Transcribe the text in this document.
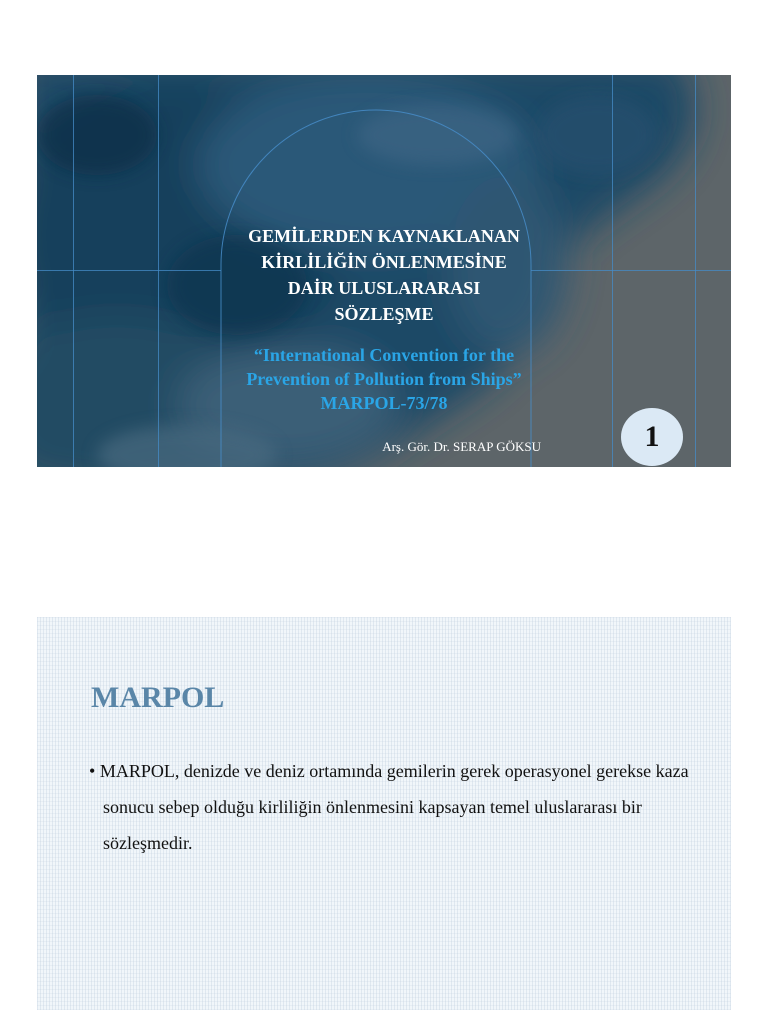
GEMİLERDEN KAYNAKLANAN
KİRLİLİĞİN ÖNLENMESİNE
DAİR ULUSLARARASI
SÖZLEŞME
“International Convention for the
Prevention of Pollution from Ships”
MARPOL-73/78
Arş. Gör. Dr. SERAP GÖKSU	1
MARPOL
• MARPOL, denizde ve deniz ortamında gemilerin gerek operasyonel gerekse kaza sonucu sebep olduğu kirliliğin önlenmesini kapsayan temel uluslararası bir sözleşmedir.
